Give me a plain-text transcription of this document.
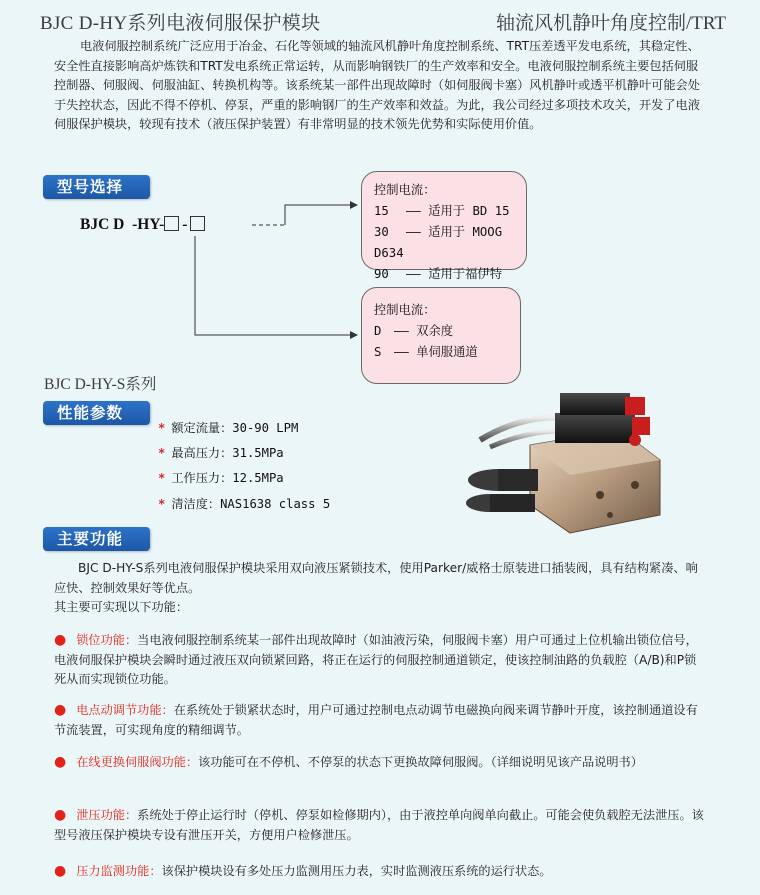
BJC D-HY系列电液伺服保护模块	轴流风机静叶角度控制/TRT

电液伺服控制系统广泛应用于冶金、石化等领域的轴流风机静叶角度控制系统、TRT压差透平发电系统，其稳定性、安全性直接影响高炉炼铁和TRT发电系统正常运转，从而影响钢铁厂的生产效率和安全。电液伺服控制系统主要包括伺服控制器、伺服阀、伺服油缸、转换机构等。该系统某一部件出现故障时（如伺服阀卡塞）风机静叶或透平机静叶可能会处于失控状态，因此不得不停机、停泵，严重的影响钢厂的生产效率和效益。为此，我公司经过多项技术攻关，开发了电液伺服保护模块，较现有技术（液压保护装置）有非常明显的技术领先优势和实际使用价值。

型号选择
BJC D  -HY- -
控制电流：
15 —— 适用于 BD 15
30 —— 适用于 MOOG D634
90 —— 适用于福伊特
控制电流：
D —— 双余度
S —— 单伺服通道
BJC D-HY-S系列
性能参数
* 额定流量：30-90 LPM
* 最高压力：31.5MPa
* 工作压力：12.5MPa
* 清洁度：NAS1638 class 5
主要功能

BJC D-HY-S系列电液伺服保护模块采用双向液压紧锁技术，使用Parker/威格士原装进口插装阀，具有结构紧凑、响应快、控制效果好等优点。
其主要可实现以下功能：

● 锁位功能：当电液伺服控制系统某一部件出现故障时（如油液污染，伺服阀卡塞）用户可通过上位机输出锁位信号，电液伺服保护模块会瞬时通过液压双向锁紧回路，将正在运行的伺服控制通道锁定，使该控制油路的负载腔（A/B)和P锁死从而实现锁位功能。

● 电点动调节功能：在系统处于锁紧状态时，用户可通过控制电点动调节电磁换向阀来调节静叶开度，该控制通道设有节流装置，可实现角度的精细调节。

● 在线更换伺服阀功能：该功能可在不停机、不停泵的状态下更换故障伺服阀。（详细说明见该产品说明书）

● 泄压功能：系统处于停止运行时（停机、停泵如检修期内），由于液控单向阀单向截止。可能会使负载腔无法泄压。该型号液压保护模块专设有泄压开关，方便用户检修泄压。

● 压力监测功能：该保护模块设有多处压力监测用压力表，实时监测液压系统的运行状态。
